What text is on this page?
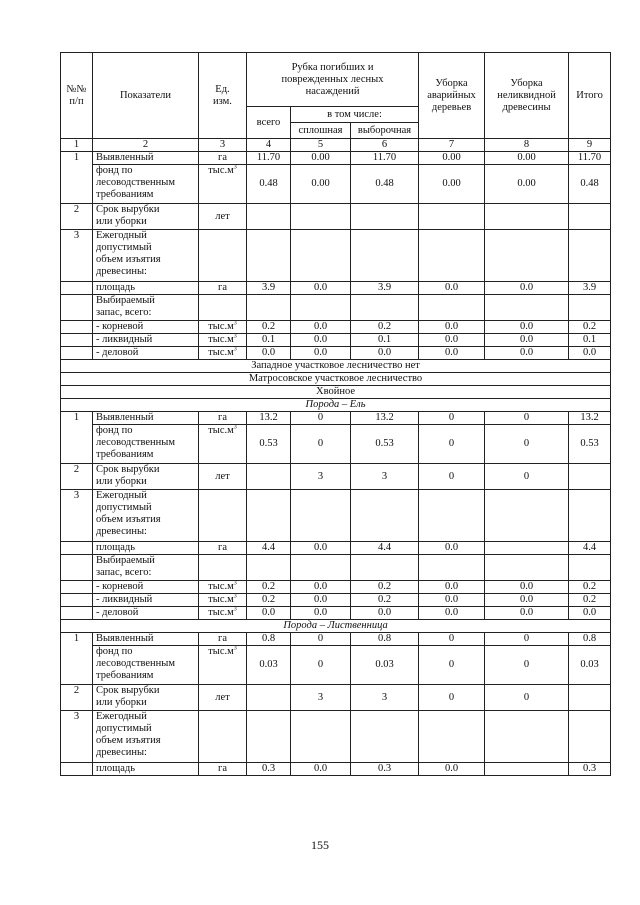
№№
п/п	Показатели	Ед.
изм.	Рубка погибших и
поврежденных лесных
насаждений			Уборка
аварийных
деревьев	Уборка
неликвидной
древесины	Итого
			всего	в том числе:				
				сплошная	выборочная			
1	2	3	4	5	6	7	8	9
1	Выявленный	га	11.70	0.00	11.70	0.00	0.00	11.70
	фонд по
лесоводственным
требованиям	$тыс.м^3$	0.48	0.00	0.48	0.00	0.00	0.48
2	Срок вырубки
или уборки	лет						
3	Ежегодный
допустимый
объем изъятия
древесины:							
	площадь	га	3.9	0.0	3.9	0.0	0.0	3.9
	Выбираемый
запас, всего:							
	- корневой	$тыс.м^3$	0.2	0.0	0.2	0.0	0.0	0.2
	- ликвидный	$тыс.м^3$	0.1	0.0	0.1	0.0	0.0	0.1
	- деловой	$тыс.м^3$	0.0	0.0	0.0	0.0	0.0	0.0
Западное участковое лесничество нет								
Матросовское участковое лесничество								
Хвойное								
Порода – Ель								
1	Выявленный	га	13.2	0	13.2	0	0	13.2
	фонд по
лесоводственным
требованиям	$тыс.м^3$	0.53	0	0.53	0	0	0.53
2	Срок вырубки
или уборки	лет		3	3	0	0	
3	Ежегодный
допустимый
объем изъятия
древесины:							
	площадь	га	4.4	0.0	4.4	0.0		4.4
	Выбираемый
запас, всего:							
	- корневой	$тыс.м^3$	0.2	0.0	0.2	0.0	0.0	0.2
	- ликвидный	$тыс.м^3$	0.2	0.0	0.2	0.0	0.0	0.2
	- деловой	$тыс.м^3$	0.0	0.0	0.0	0.0	0.0	0.0
Порода – Лиственница								
1	Выявленный	га	0.8	0	0.8	0	0	0.8
	фонд по
лесоводственным
требованиям	$тыс.м^3$	0.03	0	0.03	0	0	0.03
2	Срок вырубки
или уборки	лет		3	3	0	0	
3	Ежегодный
допустимый
объем изъятия
древесины:							
	площадь	га	0.3	0.0	0.3	0.0		0.3
155
